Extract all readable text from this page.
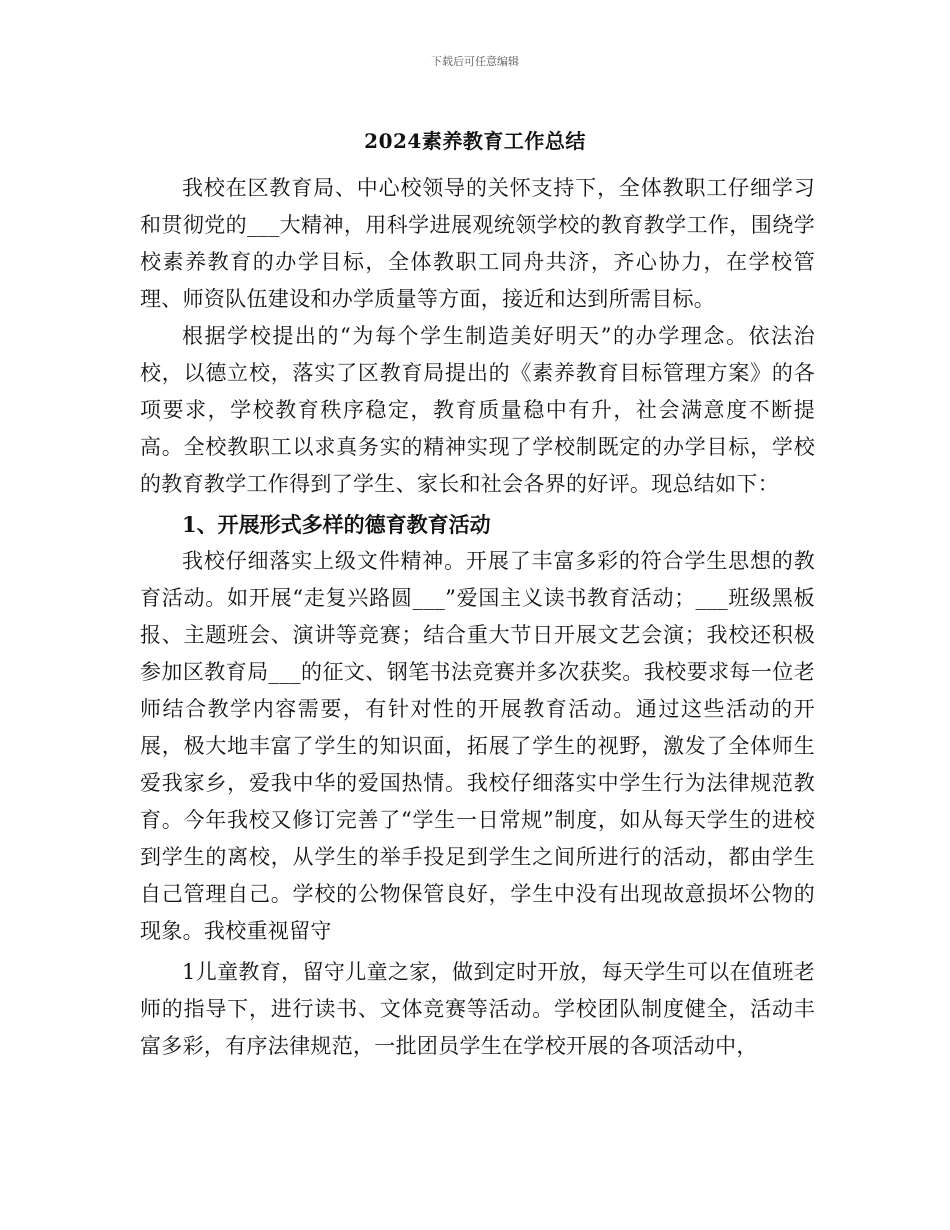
下载后可任意编辑
2024素养教育工作总结

我校在区教育局、中心校领导的关怀支持下，全体教职工仔细学习和贯彻党的___大精神，用科学进展观统领学校的教育教学工作，围绕学校素养教育的办学目标，全体教职工同舟共济，齐心协力，在学校管理、师资队伍建设和办学质量等方面，接近和达到所需目标。

根据学校提出的“为每个学生制造美好明天”的办学理念。依法治校，以德立校，落实了区教育局提出的《素养教育目标管理方案》的各项要求，学校教育秩序稳定，教育质量稳中有升，社会满意度不断提高。全校教职工以求真务实的精神实现了学校制既定的办学目标，学校的教育教学工作得到了学生、家长和社会各界的好评。现总结如下：

1、开展形式多样的德育教育活动

我校仔细落实上级文件精神。开展了丰富多彩的符合学生思想的教育活动。如开展“走复兴路圆___”爱国主义读书教育活动；___班级黑板报、主题班会、演讲等竞赛；结合重大节日开展文艺会演；我校还积极参加区教育局___的征文、钢笔书法竞赛并多次获奖。我校要求每一位老师结合教学内容需要，有针对性的开展教育活动。通过这些活动的开展，极大地丰富了学生的知识面，拓展了学生的视野，激发了全体师生爱我家乡，爱我中华的爱国热情。我校仔细落实中学生行为法律规范教育。今年我校又修订完善了“学生一日常规”制度，如从每天学生的进校到学生的离校，从学生的举手投足到学生之间所进行的活动，都由学生自己管理自己。学校的公物保管良好，学生中没有出现故意损坏公物的现象。我校重视留守

1儿童教育，留守儿童之家，做到定时开放，每天学生可以在值班老师的指导下，进行读书、文体竞赛等活动。学校团队制度健全，活动丰富多彩，有序法律规范，一批团员学生在学校开展的各项活动中，
